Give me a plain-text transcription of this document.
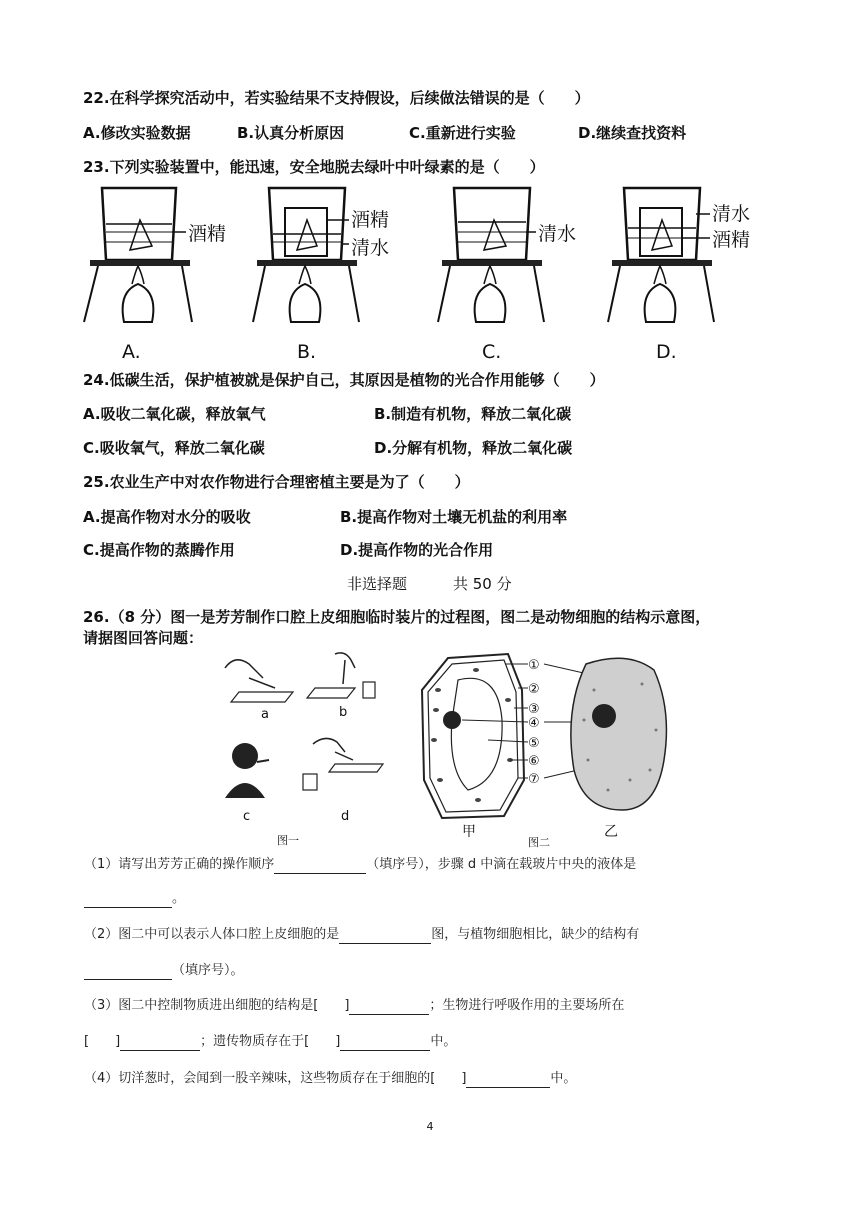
22.在科学探究活动中，若实验结果不支持假设，后续做法错误的是（　　）
A.修改实验数据	B.认真分析原因	C.重新进行实验	D.继续查找资料
23.下列实验装置中，能迅速，安全地脱去绿叶中叶绿素的是（　　）
酒精
A.
酒精
清水
B.
清水
C.
清水
酒精
D.
24.低碳生活，保护植被就是保护自己，其原因是植物的光合作用能够（　　）
A.吸收二氧化碳，释放氧气	B.制造有机物，释放二氧化碳
C.吸收氧气，释放二氧化碳	D.分解有机物，释放二氧化碳
25.农业生产中对农作物进行合理密植主要是为了（　　）
A.提高作物对水分的吸收	B.提高作物对土壤无机盐的利用率
C.提高作物的蒸腾作用	D.提高作物的光合作用
非选择题	共 50 分
26.（8 分）图一是芳芳制作口腔上皮细胞临时装片的过程图，图二是动物细胞的结构示意图，
请据图回答问题：
a	b
c	d
图一
甲
①
②
③
④
⑤
⑥
⑦
乙
图二
（1）请写出芳芳正确的操作顺序	（填序号），步骤 d 中滴在载玻片中央的液体是
。
（2）图二中可以表示人体口腔上皮细胞的是	图，与植物细胞相比，缺少的结构有
（填序号）。
（3）图二中控制物质进出细胞的结构是[　　]	；生物进行呼吸作用的主要场所在
[　　]	；遗传物质存在于[　　]	中。
（4）切洋葱时，会闻到一股辛辣味，这些物质存在于细胞的[　　]	中。
4
